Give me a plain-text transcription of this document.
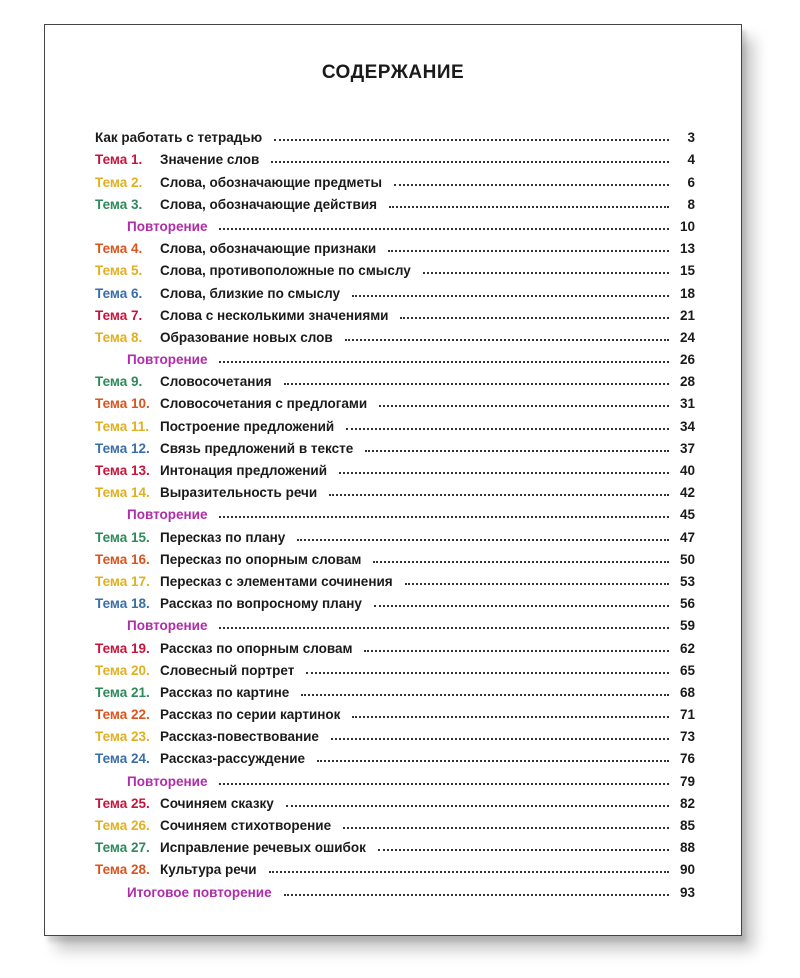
СОДЕРЖАНИЕ
Как работать с тетрадью	3
Тема 1.	Значение слов	4
Тема 2.	Слова, обозначающие предметы	6
Тема 3.	Слова, обозначающие действия	8
Повторение	10
Тема 4.	Слова, обозначающие признаки	13
Тема 5.	Слова, противоположные по смыслу	15
Тема 6.	Слова, близкие по смыслу	18
Тема 7.	Слова с несколькими значениями	21
Тема 8.	Образование новых слов	24
Повторение	26
Тема 9.	Словосочетания	28
Тема 10. Словосочетания с предлогами	31
Тема 11. Построение предложений	34
Тема 12. Связь предложений в тексте	37
Тема 13. Интонация предложений	40
Тема 14. Выразительность речи	42
Повторение	45
Тема 15. Пересказ по плану	47
Тема 16. Пересказ по опорным словам	50
Тема 17. Пересказ с элементами сочинения	53
Тема 18. Рассказ по вопросному плану	56
Повторение	59
Тема 19. Рассказ по опорным словам	62
Тема 20. Словесный портрет	65
Тема 21. Рассказ по картине	68
Тема 22. Рассказ по серии картинок	71
Тема 23. Рассказ-повествование	73
Тема 24. Рассказ-рассуждение	76
Повторение	79
Тема 25. Сочиняем сказку	82
Тема 26. Сочиняем стихотворение	85
Тема 27. Исправление речевых ошибок	88
Тема 28. Культура речи	90
Итоговое повторение	93
